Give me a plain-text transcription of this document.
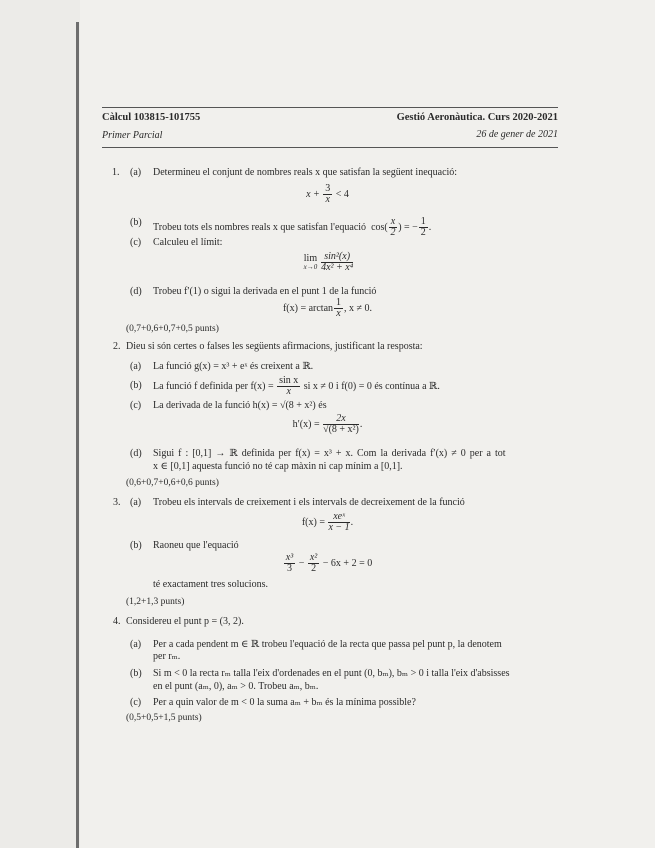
Càlcul 103815-101755	Gestió Aeronàutica. Curs 2020-2021
Primer Parcial	26 de gener de 2021
1. (a) Determineu el conjunt de nombres reals x que satisfan la següent inequació:
$x + \frac{3}{x} < 4$
(b) Trobeu tots els nombres reals x que satisfan l'equació $\cos( \frac{x}{2}$ ) = − $\frac{1}{2}$ .
(c) Calculeu el límit:
lim
$x\to 0 \frac{\text{sin²(x)}}{\text{4x² + x⁴}}$
(d) Trobeu f′(1) o sigui la derivada en el punt 1 de la funció
$f(x) = \arctan \frac{1}{x}$ , x ≠ 0.
(0,7+0,6+0,7+0,5 punts)
2. Dieu si són certes o falses les següents afirmacions, justificant la resposta:
(a) La funció g(x) = x³ + eˣ és creixent a ℝ.
(b) La funció f definida per $f(x) = \frac{\text{sin x}}{x}$ si x ≠ 0 i f(0) = 0 és contínua a ℝ.
(c) La derivada de la funció h(x) = √(8 + x²) és
$h'(x) = \frac{2x}{\text{√(8 + x²)}}$ .
(d) Sigui f : [0,1] → ℝ definida per f(x) = x³ + x. Com la derivada f′(x) ≠ 0 per a tot
x ∈ [0,1] aquesta funció no té cap màxin ni cap mínim a [0,1].
(0,6+0,7+0,6+0,6 punts)
3. (a) Trobeu els intervals de creixement i els intervals de decreixement de la funció
f(x) =
xeˣ
x − 1 .
(b) Raoneu que l'equació
$\frac{\text{x³}}{3} - \frac{\text{x²}}{2} - 6x + 2 = 0$
té exactament tres solucions.
(1,2+1,3 punts)
4. Considereu el punt p = (3, 2).
(a) Per a cada pendent m ∈ ℝ trobeu l'equació de la recta que passa pel punt p, la denotem
per rₘ.
(b) Si m < 0 la recta rₘ talla l'eix d'ordenades en el punt (0, bₘ), bₘ > 0 i talla l'eix d'absisses
en el punt (aₘ, 0), aₘ > 0. Trobeu aₘ, bₘ.
(c) Per a quin valor de m < 0 la suma aₘ + bₘ és la mínima possible?
(0,5+0,5+1,5 punts)
